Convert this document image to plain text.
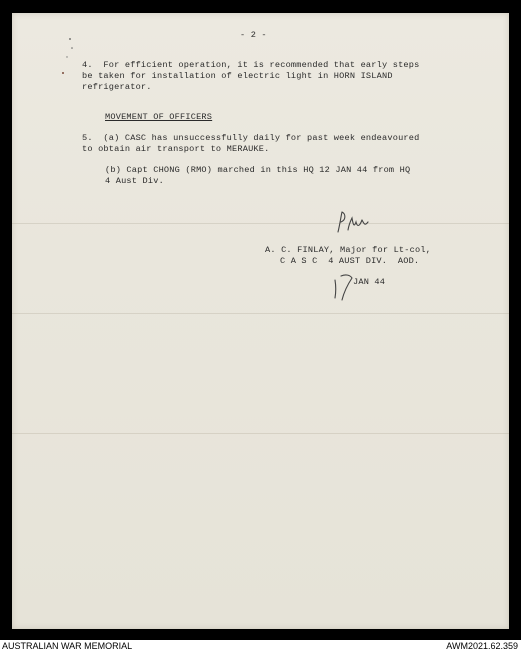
- 2 -

4.  For efficient operation, it is recommended that early steps
be taken for installation of electric light in HORN ISLAND
refrigerator.

MOVEMENT OF OFFICERS

5.  (a) CASC has unsuccessfully daily for past week endeavoured
to obtain air transport to MERAUKE.

(b) Capt CHONG (RMO) marched in this HQ 12 JAN 44 from HQ
4 Aust Div.

A. C. FINLAY, Major for Lt-col,

C A S C  4 AUST DIV.  AOD.

JAN 44

AUSTRALIAN WAR MEMORIAL	AWM2021.62.359
